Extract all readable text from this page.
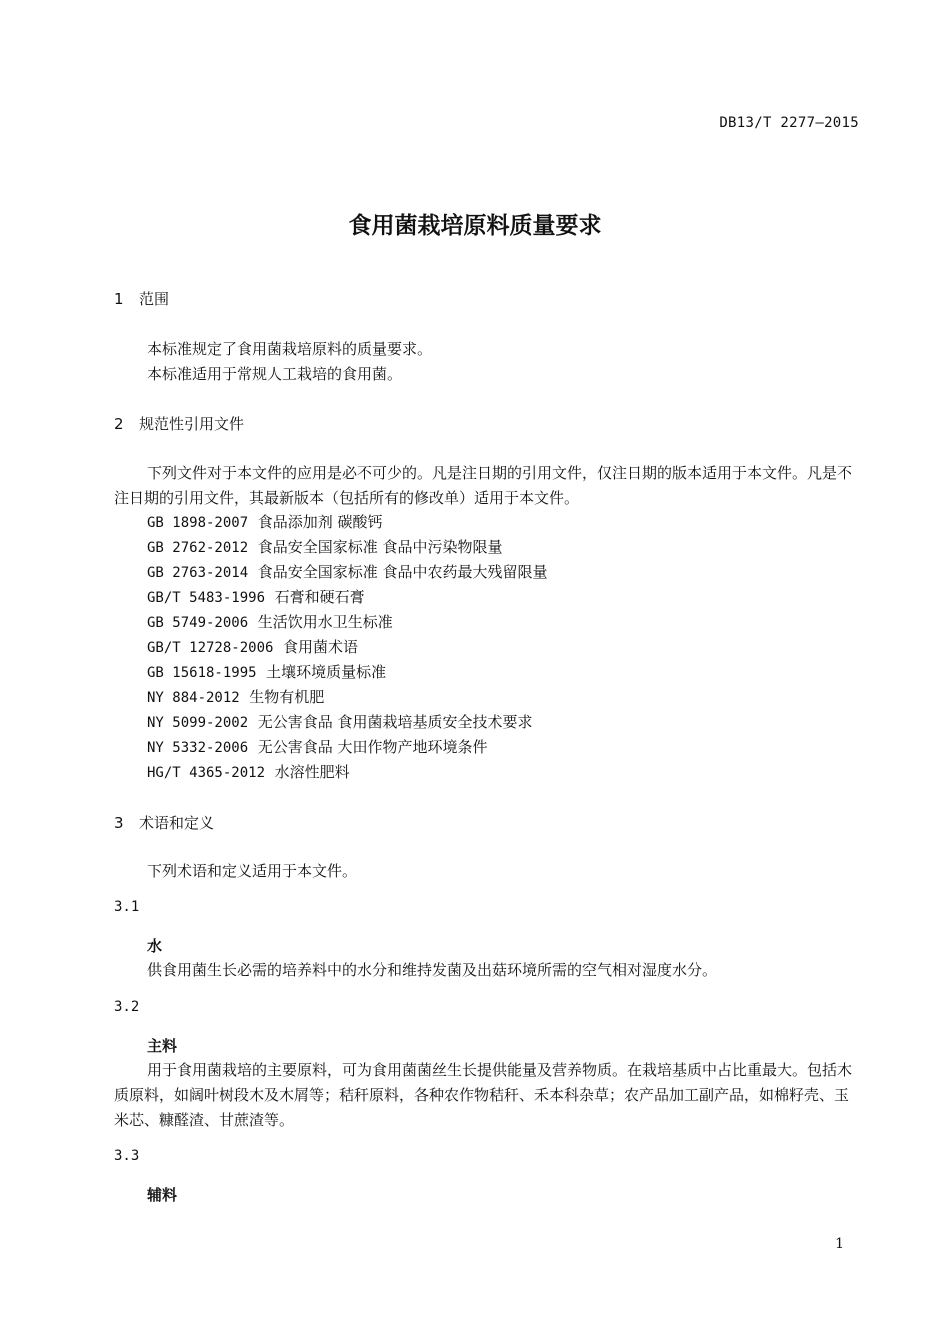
DB13/T 2277—2015
食用菌栽培原料质量要求
1 范围
本标准规定了食用菌栽培原料的质量要求。
本标准适用于常规人工栽培的食用菌。
2 规范性引用文件
下列文件对于本文件的应用是必不可少的。凡是注日期的引用文件，仅注日期的版本适用于本文件。凡是不注日期的引用文件，其最新版本（包括所有的修改单）适用于本文件。
GB 1898-2007 食品添加剂 碳酸钙
GB 2762-2012 食品安全国家标准 食品中污染物限量
GB 2763-2014 食品安全国家标准 食品中农药最大残留限量
GB/T 5483-1996 石膏和硬石膏
GB 5749-2006 生活饮用水卫生标准
GB/T 12728-2006 食用菌术语
GB 15618-1995 土壤环境质量标准
NY 884-2012 生物有机肥
NY 5099-2002 无公害食品 食用菌栽培基质安全技术要求
NY 5332-2006 无公害食品 大田作物产地环境条件
HG/T 4365-2012 水溶性肥料
3 术语和定义
下列术语和定义适用于本文件。
3.1
水
供食用菌生长必需的培养料中的水分和维持发菌及出菇环境所需的空气相对湿度水分。
3.2
主料
用于食用菌栽培的主要原料，可为食用菌菌丝生长提供能量及营养物质。在栽培基质中占比重最大。包括木质原料，如阔叶树段木及木屑等；秸秆原料，各种农作物秸秆、禾本科杂草；农产品加工副产品，如棉籽壳、玉米芯、糠醛渣、甘蔗渣等。
3.3
辅料
1
